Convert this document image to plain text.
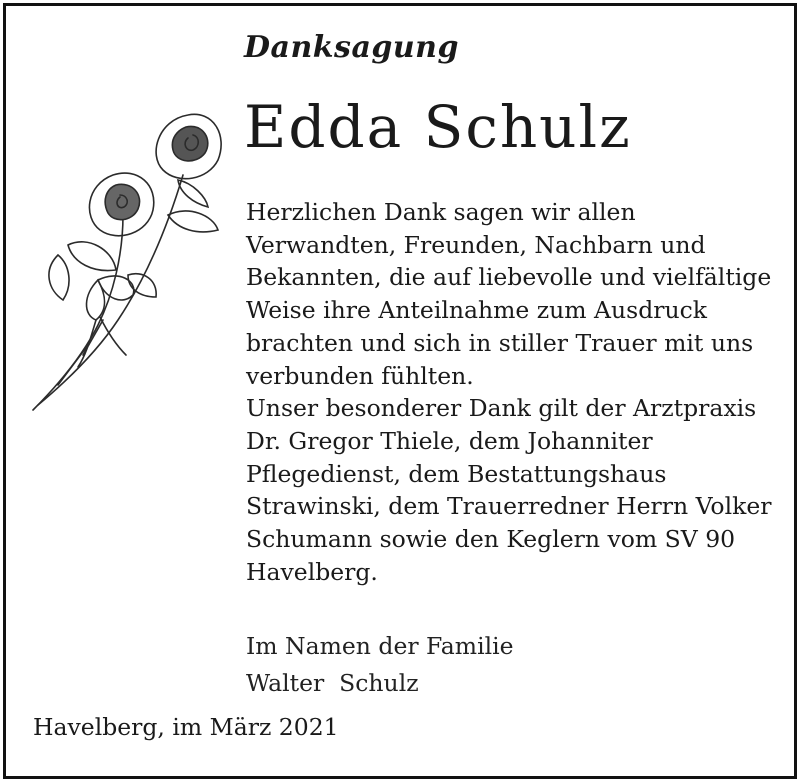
Danksagung
Edda Schulz

Herzlichen Dank sagen wir allen

Verwandten, Freunden, Nachbarn und

Bekannten, die auf liebevolle und vielfältige

Weise ihre Anteilnahme zum Ausdruck

brachten und sich in stiller Trauer mit uns

verbunden fühlten.

Unser besonderer Dank gilt der Arztpraxis

Dr. Gregor Thiele, dem Johanniter

Pflegedienst, dem Bestattungshaus

Strawinski, dem Trauerredner Herrn Volker

Schumann sowie den Keglern vom SV 90

Havelberg.

Im Namen der Familie
Walter  Schulz
Havelberg, im März 2021
